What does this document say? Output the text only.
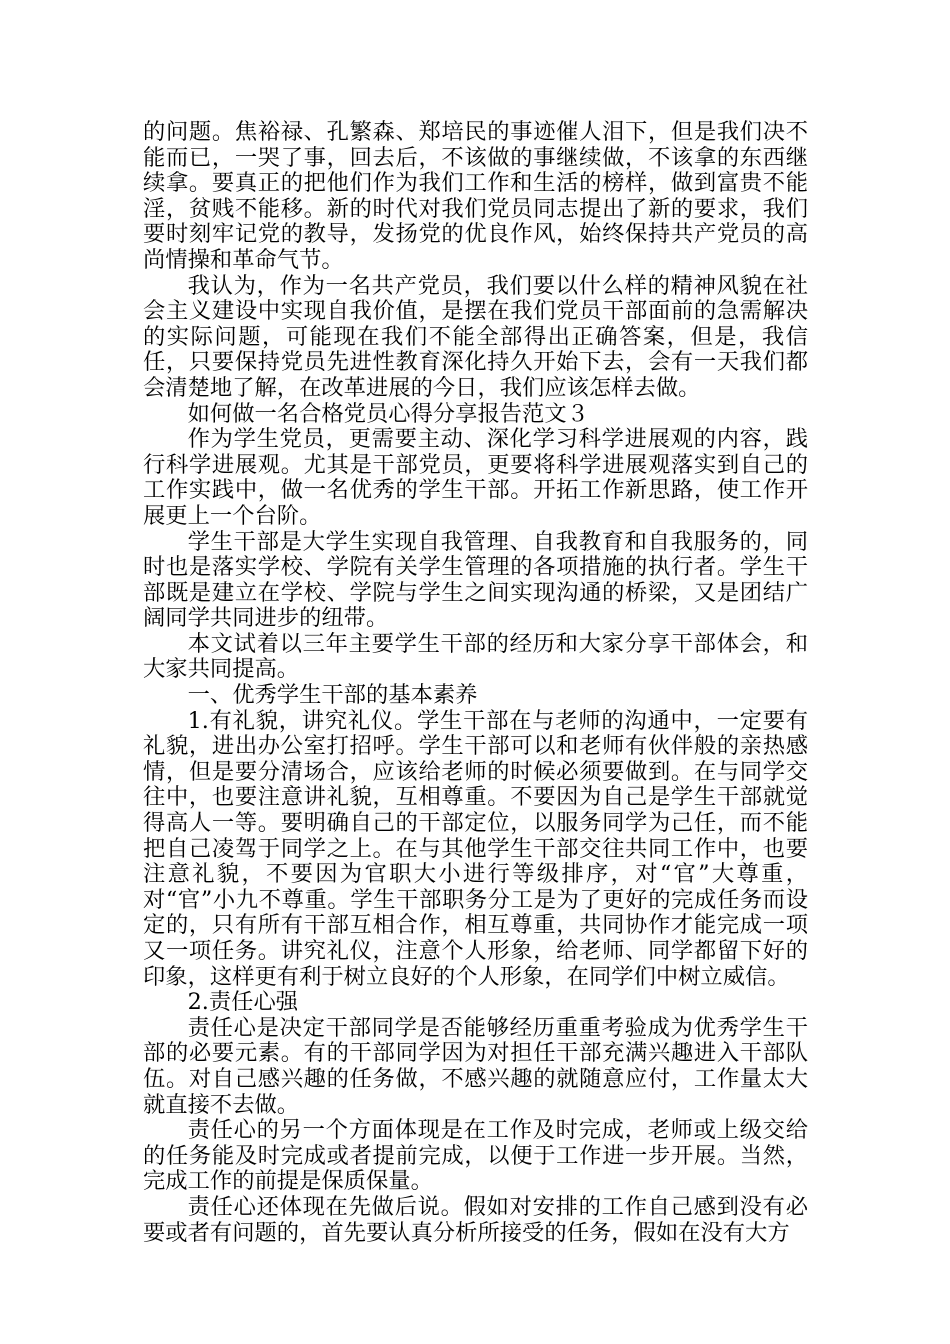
的问题。焦裕禄、孔繁森、郑培民的事迹催人泪下，但是我们决不能而已，一哭了事，回去后，不该做的事继续做，不该拿的东西继续拿。要真正的把他们作为我们工作和生活的榜样，做到富贵不能淫，贫贱不能移。新的时代对我们党员同志提出了新的要求，我们要时刻牢记党的教导，发扬党的优良作风，始终保持共产党员的高尚情操和革命气节。

我认为，作为一名共产党员，我们要以什么样的精神风貌在社会主义建设中实现自我价值，是摆在我们党员干部面前的急需解决的实际问题，可能现在我们不能全部得出正确答案，但是，我信任，只要保持党员先进性教育深化持久开始下去，会有一天我们都会清楚地了解，在改革进展的今日，我们应该怎样去做。

如何做一名合格党员心得分享报告范文３

作为学生党员，更需要主动、深化学习科学进展观的内容，践行科学进展观。尤其是干部党员，更要将科学进展观落实到自己的工作实践中，做一名优秀的学生干部。开拓工作新思路，使工作开展更上一个台阶。

学生干部是大学生实现自我管理、自我教育和自我服务的，同时也是落实学校、学院有关学生管理的各项措施的执行者。学生干部既是建立在学校、学院与学生之间实现沟通的桥梁，又是团结广阔同学共同进步的纽带。

本文试着以三年主要学生干部的经历和大家分享干部体会，和大家共同提高。

一、优秀学生干部的基本素养

1.有礼貌，讲究礼仪。学生干部在与老师的沟通中，一定要有礼貌，进出办公室打招呼。学生干部可以和老师有伙伴般的亲热感情，但是要分清场合，应该给老师的时候必须要做到。在与同学交往中，也要注意讲礼貌，互相尊重。不要因为自己是学生干部就觉得高人一等。要明确自己的干部定位，以服务同学为己任，而不能把自己凌驾于同学之上。在与其他学生干部交往共同工作中，也要注意礼貌，不要因为官职大小进行等级排序，对“官”大尊重，对“官”小九不尊重。学生干部职务分工是为了更好的完成任务而设定的，只有所有干部互相合作，相互尊重，共同协作才能完成一项又一项任务。讲究礼仪，注意个人形象，给老师、同学都留下好的印象，这样更有利于树立良好的个人形象，在同学们中树立威信。

2.责任心强

责任心是决定干部同学是否能够经历重重考验成为优秀学生干部的必要元素。有的干部同学因为对担任干部充满兴趣进入干部队伍。对自己感兴趣的任务做，不感兴趣的就随意应付，工作量太大就直接不去做。

责任心的另一个方面体现是在工作及时完成，老师或上级交给的任务能及时完成或者提前完成，以便于工作进一步开展。当然，完成工作的前提是保质保量。

责任心还体现在先做后说。假如对安排的工作自己感到没有必要或者有问题的，首先要认真分析所接受的任务，假如在没有大方
